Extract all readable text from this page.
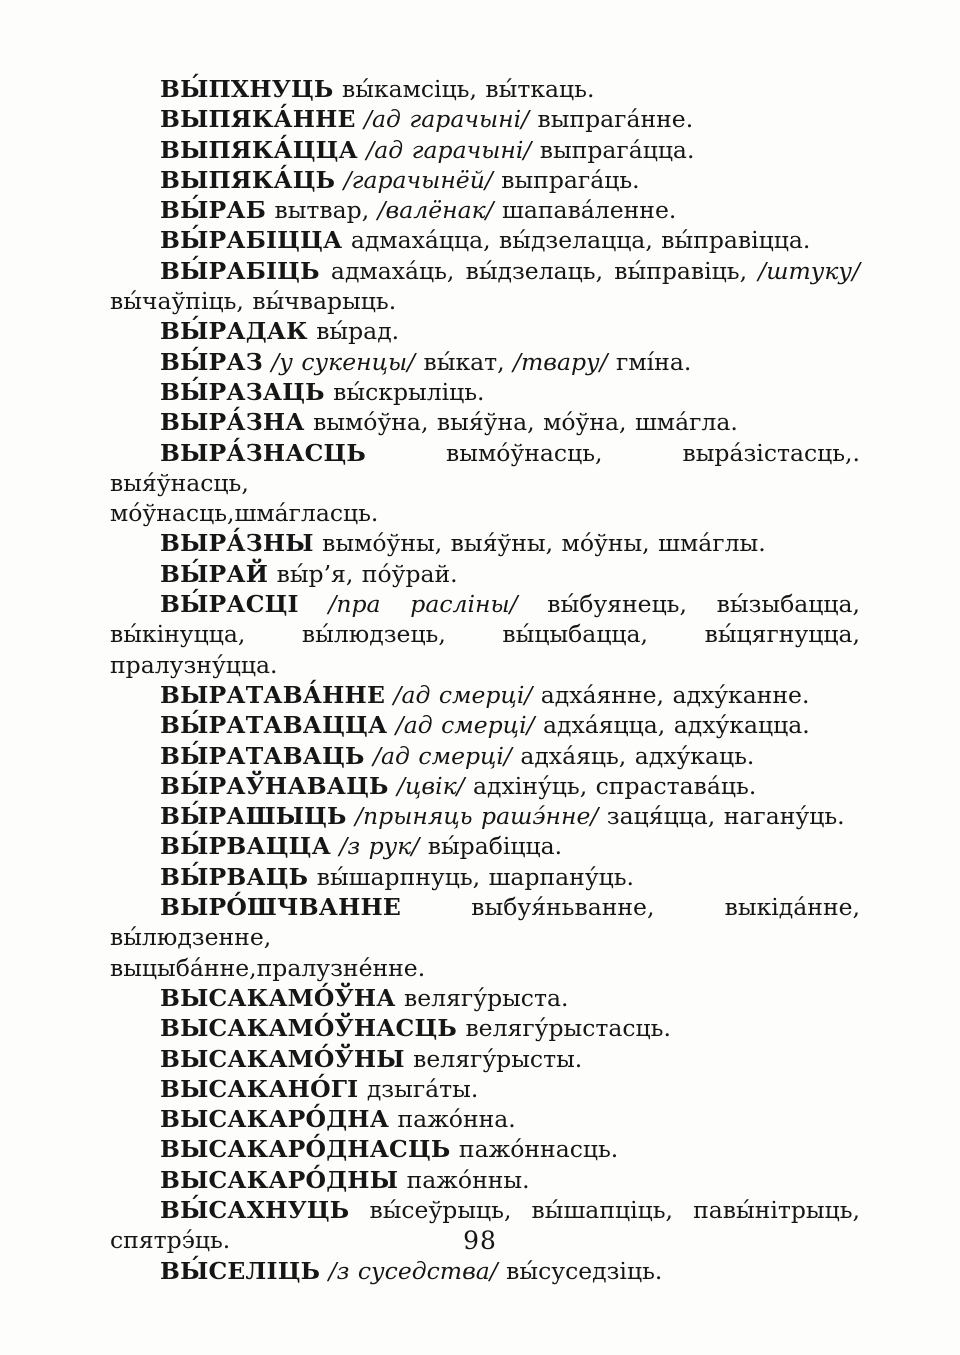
ВЫ́ПХНУЦЬ вы́камсіць, вы́ткаць.
ВЫПЯКА́ННЕ /ад гарачыні/ выпрага́нне.
ВЫПЯКА́ЦЦА /ад гарачыні/ выпрага́цца.
ВЫПЯКА́ЦЬ /гарачынёй/ выпрага́ць.
ВЫ́РАБ вытвар, /валёнак/ шапава́ленне.
ВЫ́РАБІЦЦА адмаха́цца, вы́дзелацца, вы́правіцца.
ВЫ́РАБІЦЬ адмаха́ць, вы́дзелаць, вы́правіць, /штуку/
вы́чаўпіць, вы́чварыць.
ВЫ́РАДАК вы́рад.
ВЫ́РАЗ /у сукенцы/ вы́кат, /твару/ гмі́на.
ВЫ́РАЗАЦЬ вы́скрыліць.
ВЫРА́ЗНА вымо́ўна, выя́ўна, мо́ўна, шма́гла.
ВЫРА́ЗНАСЦЬ вымо́ўнасць, выра́зістасць,. выя́ўнасць,
мо́ўнасць,шма́гласць.
ВЫРА́ЗНЫ вымо́ўны, выя́ўны, мо́ўны, шма́глы.
ВЫ́РАЙ вы́р’я, по́ўрай.
ВЫ́РАСЦІ /пра расліны/ вы́буянець, вы́зыбацца,
вы́кінуцца, вы́людзець, вы́цыбацца, вы́цягнуцца, пралузну́цца.
ВЫРАТАВА́ННЕ /ад смерці/ адха́янне, адху́канне.
ВЫ́РАТАВАЦЦА /ад смерці/ адха́яцца, адху́кацца.
ВЫ́РАТАВАЦЬ /ад смерці/ адха́яць, адху́каць.
ВЫ́РАЎНАВАЦЬ /цвік/ адхіну́ць, спрастава́ць.
ВЫ́РАШЫЦЬ /прыняць рашэ́нне/ заця́цца, нагану́ць.
ВЫ́РВАЦЦА /з рук/ вы́рабіцца.
ВЫ́РВАЦЬ вы́шарпнуць, шарпану́ць.
ВЫРО́ШЧВАННЕ выбуя́ньванне, выкіда́нне, вы́людзенне,
выцыба́нне,пралузне́нне.
ВЫСАКАМО́ЎНА велягу́рыста.
ВЫСАКАМО́ЎНАСЦЬ велягу́рыстасць.
ВЫСАКАМО́ЎНЫ велягу́рысты.
ВЫСАКАНО́ГІ дзыга́ты.
ВЫСАКАРО́ДНА пажо́нна.
ВЫСАКАРО́ДНАСЦЬ пажо́ннасць.
ВЫСАКАРО́ДНЫ пажо́нны.
ВЫ́САХНУЦЬ вы́сеўрыць, вы́шапціць, павы́нітрыць,
спятрэ́ць.
ВЫ́СЕЛІЦЬ /з суседства/ вы́суседзіць.
98
